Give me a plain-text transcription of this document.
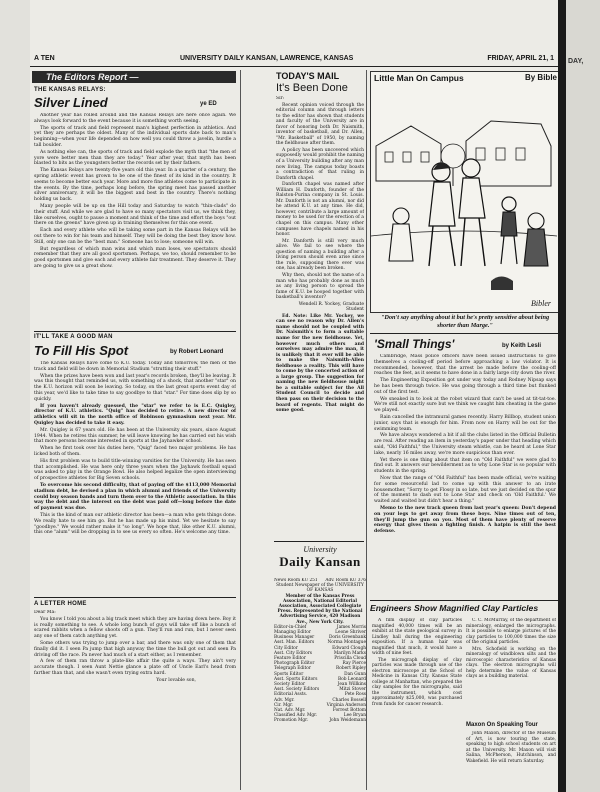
A TEN	UNIVERSITY DAILY KANSAN, LAWRENCE, KANSAS	FRIDAY, APRIL 21, 1
The Editors Report —
THE KANSAS RELAYS:
Silver Lined	ye ED

Another year has rolled around and the Kansas Relays are here once again. We always look forward to the event because it is something worth seeing.

The sports of track and field represent man's highest perfection in athletics. And yet they are perhaps the oldest. Many of the individual sports date back to man's beginning—when your life depended on how well you could throw a javelin, hurdle a tall boulder.

As nothing else can, the sports of track and field explode the myth that "the men of yore were better men than they are today." Year after year, that myth has been blasted to bits as the youngsters better the records set by their fathers.

The Kansas Relays are twenty-five years old this year. In a quarter of a century, the spring athletic event has grown to be one of the finest of its kind in the country. It seems to become better each year. More and more fine athletes come to participate in the events. By the time, perhaps long before, the spring meet has passed another silver anniversary, it will be the biggest and best in the country. There's nothing holding us back.

Many people will be up on the Hill today and Saturday to watch "thin-clads" do their stuff. And while we are glad to have so many spectators visit us, we think they, like ourselves, ought to pause a moment and think of the time and effort the boys "out there on the greens" have given up in training themselves for this one event.

Each and every athlete who will be taking some part in the Kansas Relays will be out there to win for his team and himself. They will be doing the best they know how. Still, only one can be the "best man." Someone has to lose; someone will win.

But regardless of which man wins and which man loses, we spectators should remember that they are all good sportsmen. Perhaps, we too, should remember to be good sportsmen and give each and every athlete fair treatment. They deserve it. They are going to give us a great show.

IT'LL TAKE A GOOD MAN
To Fill His Spot	by Robert Leonard

The Kansas Relays have come to K.U. today. Today and tomorrow, the men of the track and field will be down in Memorial Stadium "strutting their stuff."

When the prizes have been won and last year's records broken, they'll be leaving. It was this thought that reminded us, with something of a shock, that another "star" on the K.U. horizon will soon be leaving. So today, on the last great sports event day of this year, we'd like to take time to say goodbye to that "star." For time does slip by so quickly.

If you haven't already guessed, the "star" we refer to is E.C. Quigley, director of K.U. athletics. "Quig" has decided to retire. A new director of athletics will sit in the north office of Robinson gymnasium next year. Mr. Quigley has decided to take it easy.

Mr. Quigley is 67 years old. He has been at the University six years, since August 1944. When he retires this summer, he will leave knowing he has carried out his wish that more persons become interested in sports at the Jayhawker school.

When he first took over his duties here, "Quig" faced two major problems. He has licked both of them.

His first problem was to build title-winning varsities for the University. He has seen that accomplished. He was here only three years when the Jayhawk football squad was asked to play in the Orange Bowl. He also helped legalize the open interviewing of prospective athletes for Big Seven schools.

To overcome his second difficulty, that of paying off the $113,000 Memorial stadium debt, he devised a plan in which alumni and friends of the University could buy season bands and turn them over to the Athletic association. In this way the debt and the interest on the debt was paid off—long before the date of payment was due.

This is the kind of man our athletic director has been—a man who gets things done. We really hate to see him go. But he has made up his mind. Yet we hesitate to say "goodbye." We would rather make it "so long". We hope that, like other K.U. alumni, this one "alum" will be dropping in to see us every so often. He's welcome any time.

A LETTER HOME

Dear Ma:

You know I told you about a big track meet which they are having down here. Boy it is really something to see. A whole long bunch of guys will take off like a bunch of scared rabbits when a fellow shoots off a gun. They'll run and run, but I never seen any one of them catch anything yet.

Some others was trying to jump over a bar, and there was only one of them that finally did it. I seen Pa jump that high anyway the time the bull got out and seen Pa driving off the race. Pa never had much of a start either, as I remember.

A few of them ran throw a plate-like affair the quite a ways. They ain't very accurate though. I seen Aunt Nettie glance a plate off of Uncle Earl's head from farther than that, and she wasn't even trying extra hard.

Your lovable son,

TODAY'S MAIL
It's Been Done

Sir:

Recent opinion voiced through the editorial column and through letters to the editor has shown that students and faculty of the University are in favor of honoring both Dr. Naismith, inventor of basketball, and Dr. Allen, "Mr. Basketball" of 1950, by naming the fieldhouse after them.

A policy has been uncovered which supposedly would prohibit the naming of a University building after any man now living. The campus today boasts a contradiction of that ruling in Danforth chapel.

Danforth chapel was named after William H. Danforth, founder of the Ralston-Purina company in St. Louis. Mr. Danforth is not an alumni, nor did he attend K.U. at any time. He did, however, contribute a large amount of money to be used for the erection of a chapel on this campus. Many other campuses have chapels named in his honor.

Mr. Danforth is still very much alive. We fail to see where the question of naming a building after a living person should even arise since the rule, supposing there ever was one, has already been broken.

Why then, should not the name of a man who has probably done as much as any living person to spread the fame of K.U. be hooped together with basketball's inventor?

Wendell R. Yockey, Graduate Student

Ed. Note: Like Mr. Yockey, we can see no reason why Dr. Allen's name should not be coupled with Dr. Naismith's to form a suitable name for the new fieldhouse. Yet, however much others and ourselves may admire the man, it is unlikely that it ever will be able to make the Naismith-Allen fieldhouse a reality. This will have to come by the concerted action of a large group. The suggestion for naming the new fieldhouse might be a suitable subject for the All Student Council to decide and then pass on their decision to the board of regents. That might do some good.

University
Daily Kansan
News Room KU 251 Adv. Room KU 376
Student Newspaper of the UNIVERSITY OF KANSAS
Member of the Kansas Press Association, National Editorial Association, Associated Collegiate Press. Represented by the National Advertising Service, 420 Madison Ave., New York City.
Editor-in-Chief	James Morris
Managing Editor	Leone Shriver
Business Manager	Doris Greenbank
Asst. Man. Editors	Norma Montague
City Editor	Edward Clough
Asst. City Editors	Marilyn Marks
Feature Editor	Priscilla Cloud
Photograph Editor	Ray Pierce
Telegraph Editor	Robert Ripley
Sports Editor	Dan Gunn
Asst. Sports Editors	Bob Leonard
Society Editor	Jean Willkins
Asst. Society Editors	Mitzi Stover
Editorial Assts.	Pete Ross
Adv. Mgr.	Charles Bossell
Cir. Mgr.	Virginia Anderson
Nat. Adv. Mgr.	Forrest Bottom
Classified Adv. Mgr.	Lee Bryan
Promotion Mgr.	John Weidemann
Little Man On Campus	By Bible
Bibler
"Don't say anything about it but he's pretty sensitive about being shorter than Marge."
'Small Things'	by Keith Lesli

Cambridge, Mass police officers have been issued instructions to give themselves a cooling-off period before approaching a law violator. It is recommended, however, that the arrest be made before the cooling-off reaches the feet, as it seems to have done in a fairly large city down the river.

The Engineering Exposition got under way today and Rodney Nipsap says he has been through twice. He was going through a third time but flunked out of the first test.

We sneaked in to look at the robot wizard that can't be used at tit-tat-toe. We're still not exactly sure but we think we caught him cheating in the game we played.

Rain cancelled the intramural games recently. Harry Billbop, student union junior, says that is enough for him. From now on Harry will be out for the swimming team.

We have always wondered a bit if all the clubs listed in the Official Bulletin are real. After reading an item in yesterday's paper under that heading which said, "Old Faithful," the University steam whistle, can be heard at Lone Star lake, nearly 16 miles away, we're more suspicious than ever.

Yet there is one thing about that item on "Old Faithful" we were glad to find out. It answers our bewilderment as to why Lone Star is so popular with students in the spring.

Now that the range of "Old Faithful" has been made official, we're waiting for some resourceful lad to come up with this answer to an irate housemother, "Sorry to get Flossy in so late, but we just decided on the spur of the moment to dash out to Lone Star and check on 'Old Faithful.' We waited and waited but didn't hear a thing."

Memo to the new track queen from last year's queen: Don't depend on your legs to get away from these boys. Nine times out of ten, they'll jump the gun on you. Most of them have plenty of reserve energy that gives them a fighting finish. A hatpin is still the best defense.

Engineers Show Magnified Clay Particles

A film display of clay particles magnified 40,000 times will be an exhibit at the state geological survey in Lindley hall during the engineering exposition. If a human hair was magnified that much, it would have a width of nine feet.

The micrograph display of clay particles was made through use of the electron microscope at the School of Medicine in Kansas City. Kansas State college at Manhattan, who prepared the clay samples for the micrographs, said the instrument, which cost approximately $25,000, was purchased from funds for cancer research.

C. C. McMurray, of the department of mineralogy, enlarged the micrographs. It is possible to enlarge pictures of the clay particles to 100,000 times the size of the original particles.

Mrs. Schofield is working on the mineralogy of windblown silts and the microscopic characteristics of Kansas clays. The electron micrographs will help determine the value of Kansas clays as a building material.

Maxon On Speaking Tour

John Maxon, director of the Museum of Art, is now touring the state, speaking to high school students on art at the University. Mr. Maxon will visit Salina, McPherson, Hutchinson, and Wakefield. He will return Saturday.

DAY,
